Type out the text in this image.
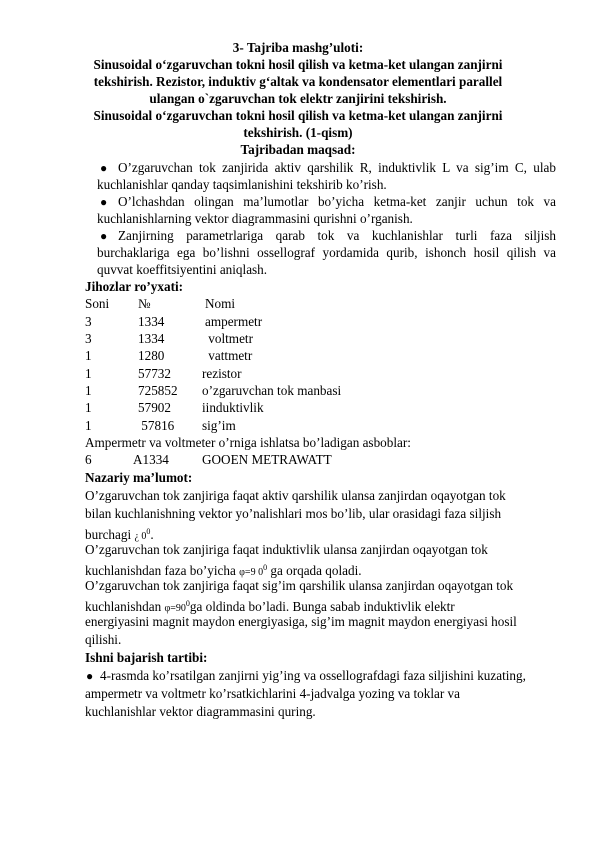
3- Tajriba mashg’uloti:
Sinusoidal o‘zgaruvchan tokni hosil qilish va ketma-ket ulangan zanjirni
tekshirish. Rezistor, induktiv g‘altak va kondensator elementlari parallel
ulangan o`zgaruvchan tok elektr zanjirini tekshirish.
Sinusoidal o‘zgaruvchan tokni hosil qilish va ketma-ket ulangan zanjirni
tekshirish. (1-qism)
Tajribadan maqsad:
● O’zgaruvchan tok zanjirida aktiv qarshilik R, induktivlik L va sig’im C, ulab
kuchlanishlar qanday taqsimlanishini tekshirib ko’rish.
● O’lchashdan olingan ma’lumotlar bo’yicha ketma-ket zanjir uchun tok va
kuchlanishlarning vektor diagrammasini qurishni o’rganish.
● Zanjirning parametrlariga qarab tok va kuchlanishlar turli faza siljish
burchaklariga ega bo’lishni ossellograf yordamida qurib, ishonch hosil qilish va
quvvat koeffitsiyentini aniqlash.
Jihozlar ro’yxati:
Soni №	Nomi
3	1334	ampermetr
3	1334	voltmetr
1	1280	vattmetr
1	57732 rezistor
1	725852 o’zgaruvchan tok manbasi
1	57902 iinduktivlik
1	57816 sig’im
Ampermetr va voltmeter o’rniga ishlatsa bo’ladigan asboblar:
6	A1334	GOOEN METRAWATT
Nazariy ma’lumot:
O’zgaruvchan tok zanjiriga faqat aktiv qarshilik ulansa zanjirdan oqayotgan tok
bilan kuchlanishning vektor yo’nalishlari mos bo’lib, ular orasidagi faza siljish
burchagi ¿ $0^0$.
O’zgaruvchan tok zanjiriga faqat induktivlik ulansa zanjirdan oqayotgan tok
kuchlanishdan faza bo’yicha φ=9 $0^0$ ga orqada qoladi.
O’zgaruvchan tok zanjiriga faqat sig’im qarshilik ulansa zanjirdan oqayotgan tok
kuchlanishdan $\varphi=90^0ga$ oldinda bo’ladi. Bunga sabab induktivlik elektr
energiyasini magnit maydon energiyasiga, sig’im magnit maydon energiyasi hosil
qilishi.
Ishni bajarish tartibi:
● 4-rasmda ko’rsatilgan zanjirni yig’ing va ossellografdagi faza siljishini kuzating,
ampermetr va voltmetr ko’rsatkichlarini 4-jadvalga yozing va toklar va
kuchlanishlar vektor diagrammasini quring.
